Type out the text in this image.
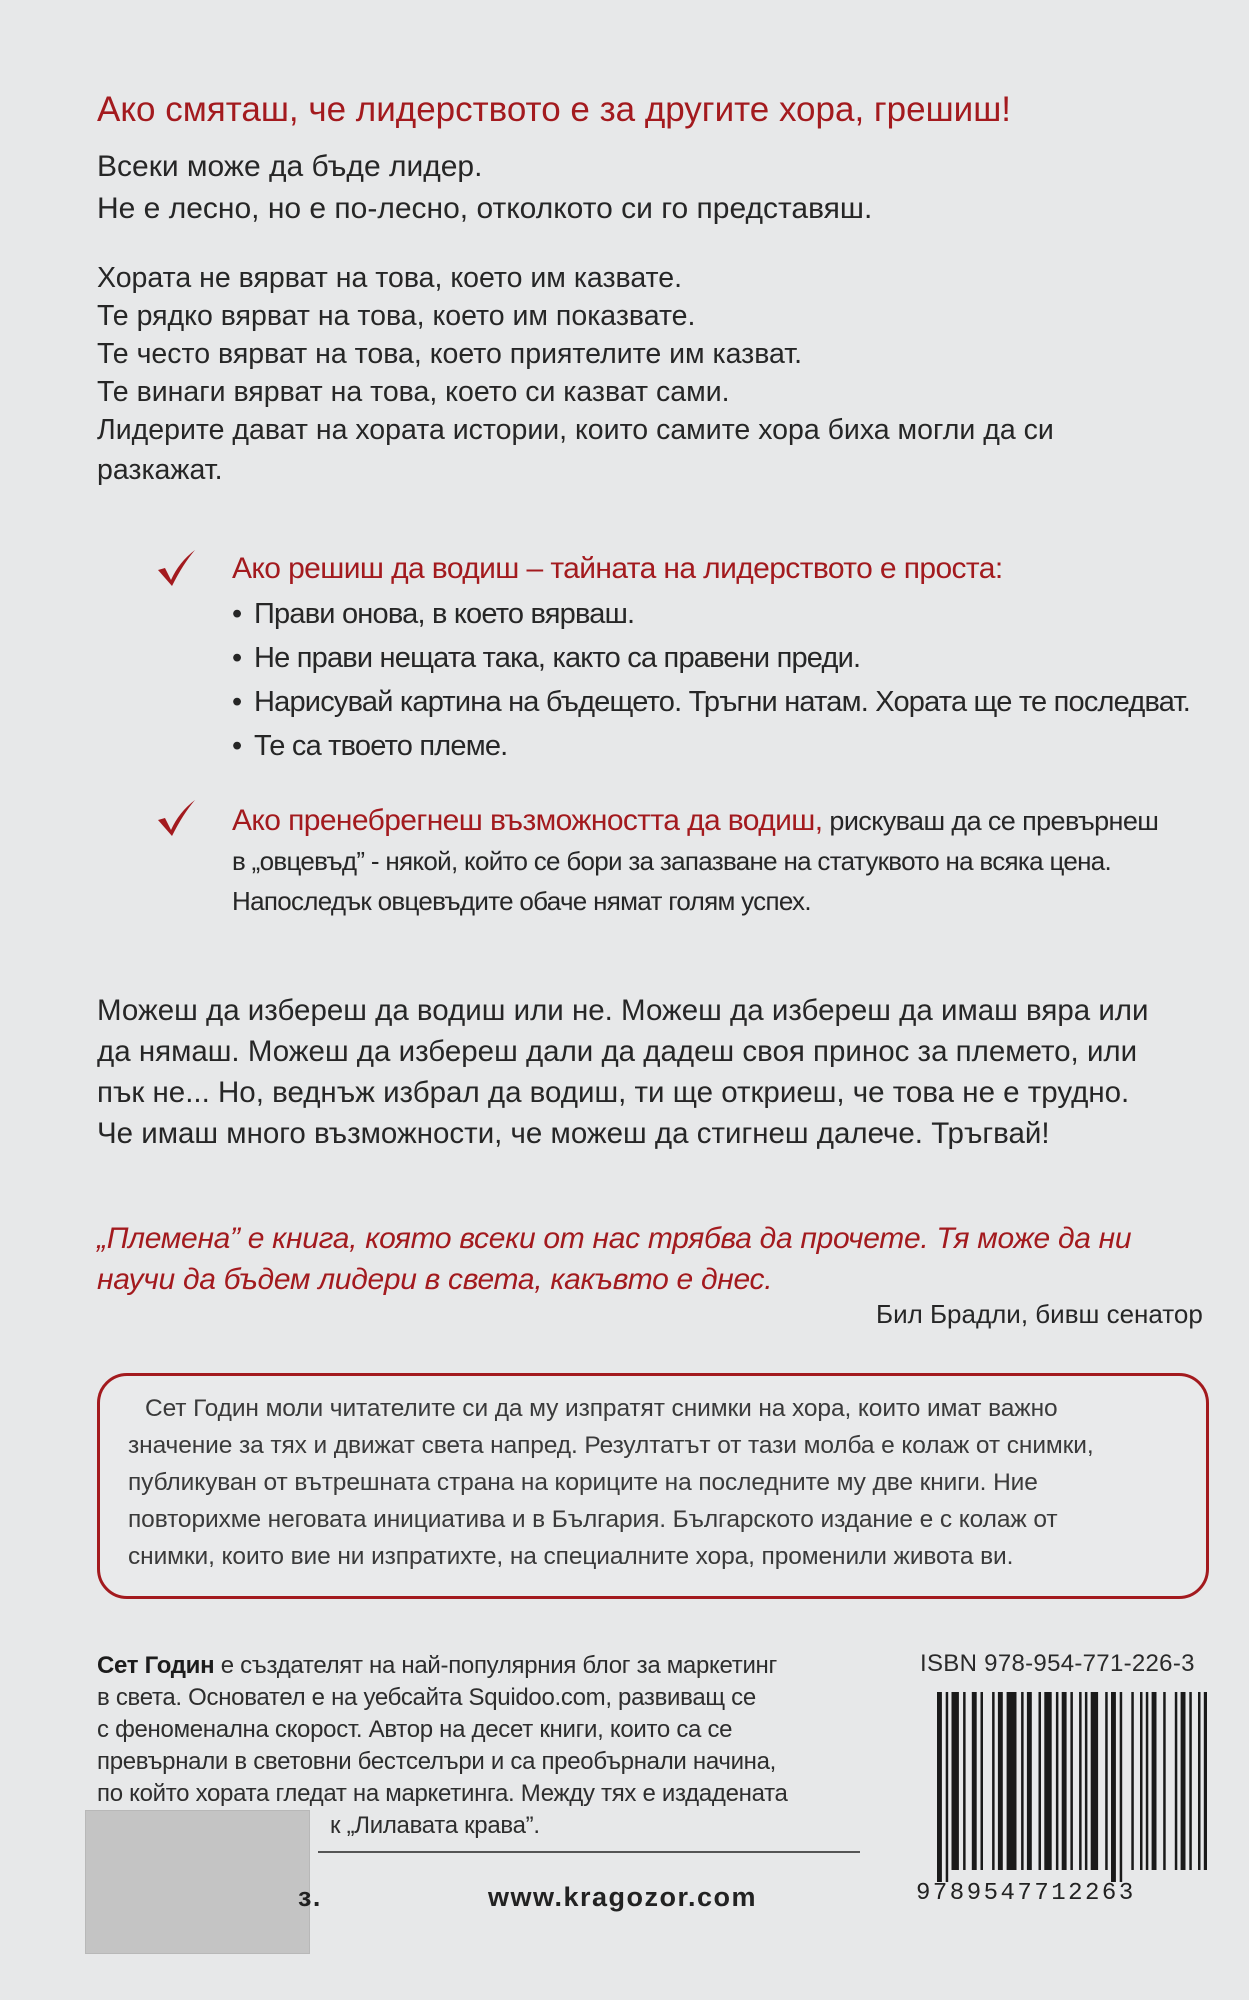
Ако смяташ, че лидерството е за другите хора, грешиш!
Всеки може да бъде лидер.
Не е лесно, но е по-лесно, отколкото си го представяш.
Хората не вярват на това, което им казвате.
Те рядко вярват на това, което им показвате.
Те често вярват на това, което приятелите им казват.
Те винаги вярват на това, което си казват сами.
Лидерите дават на хората истории, които самите хора биха могли да си
разкажат.
Ако решиш да водиш – тайната на лидерството е проста:
• Прави онова, в което вярваш.
• Не прави нещата така, както са правени преди.
• Нарисувай картина на бъдещето. Тръгни натам. Хората ще те последват.
• Те са твоето племе.
Ако пренебрегнеш възможността да водиш, рискуваш да се превърнеш
в „овцевъд” - някой, който се бори за запазване на статуквото на всяка цена.
Напоследък овцевъдите обаче нямат голям успех.
Можеш да избереш да водиш или не. Можеш да избереш да имаш вяра или
да нямаш. Можеш да избереш дали да дадеш своя принос за племето, или
пък не... Но, веднъж избрал да водиш, ти ще откриеш, че това не е трудно.
Че имаш много възможности, че можеш да стигнеш далече. Тръгвай!
„Племена” е книга, която всеки от нас трябва да прочете. Тя може да ни
научи да бъдем лидери в света, какъвто е днес.
Бил Брадли, бивш сенатор
Сет Годин моли читателите си да му изпратят снимки на хора, които имат важно
значение за тях и движат света напред. Резултатът от тази молба е колаж от снимки,
публикуван от вътрешната страна на кориците на последните му две книги. Ние
повторихме неговата инициатива и в България. Българското издание е с колаж от
снимки, които вие ни изпратихте, на специалните хора, променили живота ви.
Сет Годин е създателят на най-популярния блог за маркетинг
в света. Основател е на уебсайта Squidoo.com, развиващ се
с феноменална скорост. Автор на десет книги, които са се
превърнали в световни бестселъри и са преобърнали начина,
по който хората гледат на маркетинга. Между тях е издадената
к „Лилавата крава”.
ISBN 978-954-771-226-3
9789547712263
з.	www.kragozor.com
